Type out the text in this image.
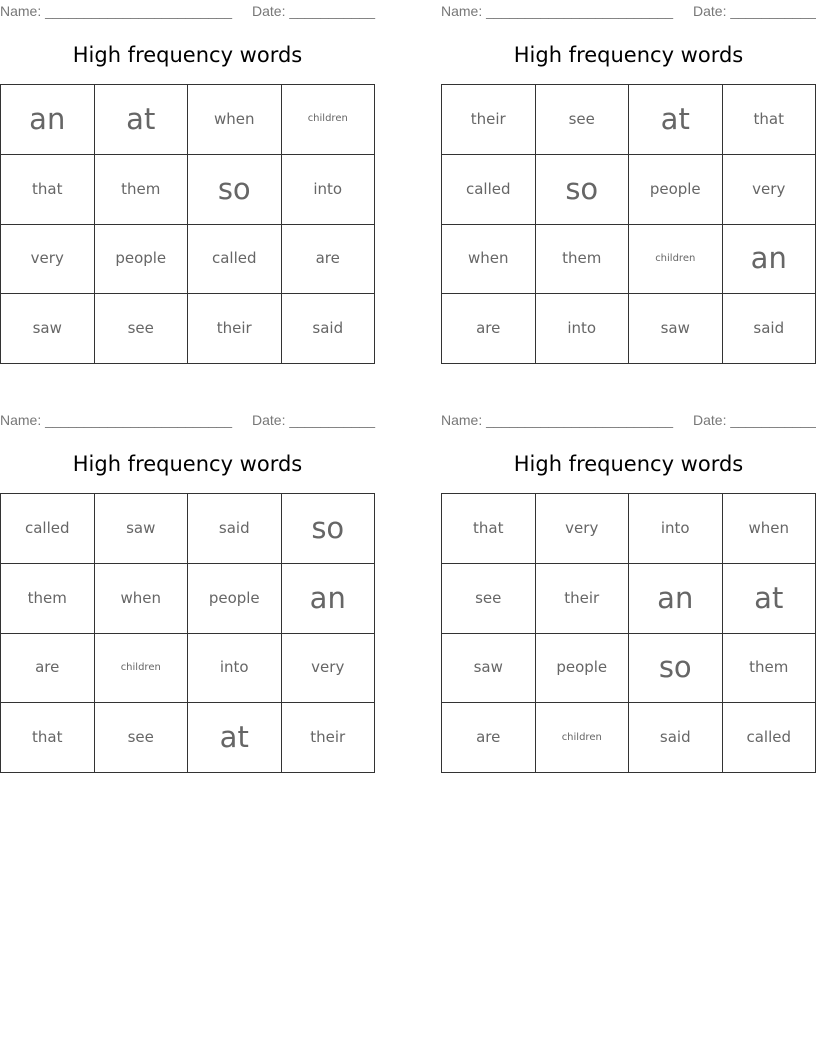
Name: ________________________ Date: ___________
High frequency words
an	at	when	children
that	them	so	into
very	people	called	are
saw	see	their	said
Name: ________________________ Date: ___________
High frequency words
their	see	at	that
called	so	people	very
when	them	children	an
are	into	saw	said
Name: ________________________ Date: ___________
High frequency words
called	saw	said	so
them	when	people	an
are	children	into	very
that	see	at	their
Name: ________________________ Date: ___________
High frequency words
that	very	into	when
see	their	an	at
saw	people	so	them
are	children	said	called
